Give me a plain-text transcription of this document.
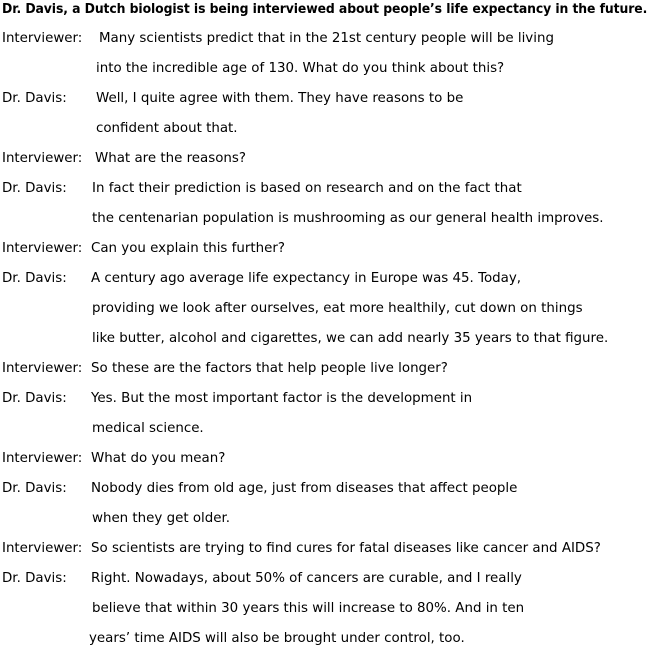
Dr. Davis, a Dutch biologist is being interviewed about people’s life expectancy in the future.
Interviewer: Many scientists predict that in the 21st century people will be living
into the incredible age of 130. What do you think about this?
Dr. Davis: Well, I quite agree with them. They have reasons to be
confident about that.
Interviewer: What are the reasons?
Dr. Davis: In fact their prediction is based on research and on the fact that
the centenarian population is mushrooming as our general health improves.
Interviewer: Can you explain this further?
Dr. Davis: A century ago average life expectancy in Europe was 45. Today,
providing we look after ourselves, eat more healthily, cut down on things
like butter, alcohol and cigarettes, we can add nearly 35 years to that figure.
Interviewer: So these are the factors that help people live longer?
Dr. Davis: Yes. But the most important factor is the development in
medical science.
Interviewer: What do you mean?
Dr. Davis: Nobody dies from old age, just from diseases that affect people
when they get older.
Interviewer: So scientists are trying to find cures for fatal diseases like cancer and AIDS?
Dr. Davis: Right. Nowadays, about 50% of cancers are curable, and I really
believe that within 30 years this will increase to 80%. And in ten
years’ time AIDS will also be brought under control, too.
